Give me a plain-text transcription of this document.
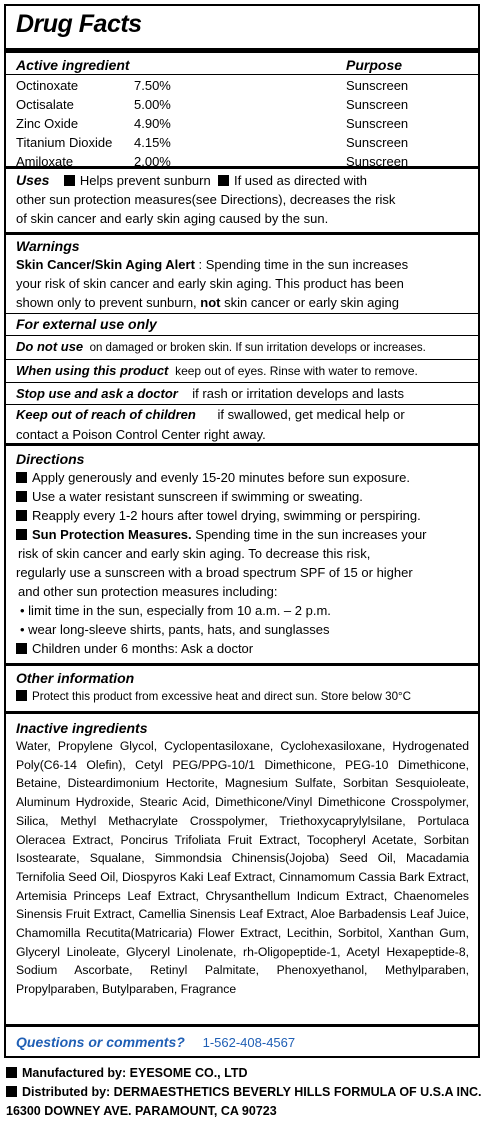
Drug Facts
Active ingredient	Purpose
Octinoxate	7.50%	Sunscreen
Octisalate	5.00%	Sunscreen
Zinc Oxide	4.90%	Sunscreen
Titanium Dioxide	4.15%	Sunscreen
Amiloxate	2.00%	Sunscreen
Uses Helps prevent sunburn If used as directed with
other sun protection measures(see Directions), decreases the risk
of skin cancer and early skin aging caused by the sun.
Warnings
Skin Cancer/Skin Aging Alert : Spending time in the sun increases
your risk of skin cancer and early skin aging. This product has been
shown only to prevent sunburn, not skin cancer or early skin aging
For external use only
Do not use on damaged or broken skin. If sun irritation develops or increases.
When using this product keep out of eyes. Rinse with water to remove.
Stop use and ask a doctor if rash or irritation develops and lasts
Keep out of reach of children if swallowed, get medical help or
contact a Poison Control Center right away.
Directions
Apply generously and evenly 15-20 minutes before sun exposure.
Use a water resistant sunscreen if swimming or sweating.
Reapply every 1-2 hours after towel drying, swimming or perspiring.
Sun Protection Measures. Spending time in the sun increases your
risk of skin cancer and early skin aging. To decrease this risk,
regularly use a sunscreen with a broad spectrum SPF of 15 or higher
and other sun protection measures including:
• limit time in the sun, especially from 10 a.m. – 2 p.m.
• wear long-sleeve shirts, pants, hats, and sunglasses
Children under 6 months: Ask a doctor
Other information
Protect this product from excessive heat and direct sun. Store below 30°C
Inactive ingredients
Water, Propylene Glycol, Cyclopentasiloxane, Cyclohexasiloxane, Hydrogenated Poly(C6-14 Olefin), Cetyl PEG/PPG-10/1 Dimethicone, PEG-10 Dimethicone, Betaine, Disteardimonium Hectorite, Magnesium Sulfate, Sorbitan Sesquioleate, Aluminum Hydroxide, Stearic Acid, Dimethicone/Vinyl Dimethicone Crosspolymer, Silica, Methyl Methacrylate Crosspolymer, Triethoxycaprylylsilane, Portulaca Oleracea Extract, Poncirus Trifoliata Fruit Extract, Tocopheryl Acetate, Sorbitan Isostearate, Squalane, Simmondsia Chinensis(Jojoba) Seed Oil, Macadamia Ternifolia Seed Oil, Diospyros Kaki Leaf Extract, Cinnamomum Cassia Bark Extract, Artemisia Princeps Leaf Extract, Chrysanthellum Indicum Extract, Chaenomeles Sinensis Fruit Extract, Camellia Sinensis Leaf Extract, Aloe Barbadensis Leaf Juice, Chamomilla Recutita(Matricaria) Flower Extract, Lecithin, Sorbitol, Xanthan Gum, Glyceryl Linoleate, Glyceryl Linolenate, rh-Oligopeptide-1, Acetyl Hexapeptide-8, Sodium Ascorbate, Retinyl Palmitate, Phenoxyethanol, Methylparaben, Propylparaben, Butylparaben, Fragrance
Questions or comments? 1-562-408-4567
Manufactured by: EYESOME CO., LTD
Distributed by: DERMAESTHETICS BEVERLY HILLS FORMULA OF U.S.A INC.
16300 DOWNEY AVE. PARAMOUNT, CA 90723
